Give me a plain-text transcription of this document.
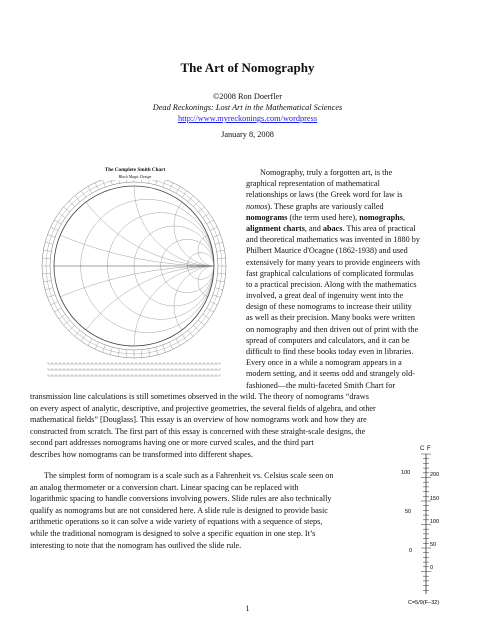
The Art of Nomography
©2008 Ron Doerfler
Dead Reckonings: Lost Art in the Mathematical Sciences
http://www.myreckonings.com/wordpress
January 8, 2008
The Complete Smith Chart
Black Magic Design	Nomography, truly a forgotten art, is the
graphical representation of mathematical
relationships or laws (the Greek word for law is
nomos). These graphs are variously called
nomograms (the term used here), nomographs,
alignment charts, and abacs. This area of practical
and theoretical mathematics was invented in 1880 by
Philbert Maurice d'Ocagne (1862-1938) and used
extensively for many years to provide engineers with
fast graphical calculations of complicated formulas
to a practical precision. Along with the mathematics
involved, a great deal of ingenuity went into the
design of these nomograms to increase their utility
as well as their precision. Many books were written
on nomography and then driven out of print with the
spread of computers and calculators, and it can be
difficult to find these books today even in libraries.
Every once in a while a nomogram appears in a
modern setting, and it seems odd and strangely old-
fashioned—the multi-faceted Smith Chart for
transmission line calculations is still sometimes observed in the wild. The theory of nomograms “draws
on every aspect of analytic, descriptive, and projective geometries, the several fields of algebra, and other
mathematical fields” [Douglass]. This essay is an overview of how nomograms work and how they are
constructed from scratch. The first part of this essay is concerned with these straight-scale designs, the
second part addresses nomograms having one or more curved scales, and the third part
describes how nomograms can be transformed into different shapes.
The simplest form of nomogram is a scale such as a Fahrenheit vs. Celsius scale seen on
an analog thermometer or a conversion chart. Linear spacing can be replaced with
logarithmic spacing to handle conversions involving powers. Slide rules are also technically
qualify as nomograms but are not considered here. A slide rule is designed to provide basic
arithmetic operations so it can solve a wide variety of equations with a sequence of steps,
while the traditional nomogram is designed to solve a specific equation in one step. It’s
interesting to note that the nomogram has outlived the slide rule.
C F
100
50
0
200
150
100
50
0
C=5/9(F−32)
1
